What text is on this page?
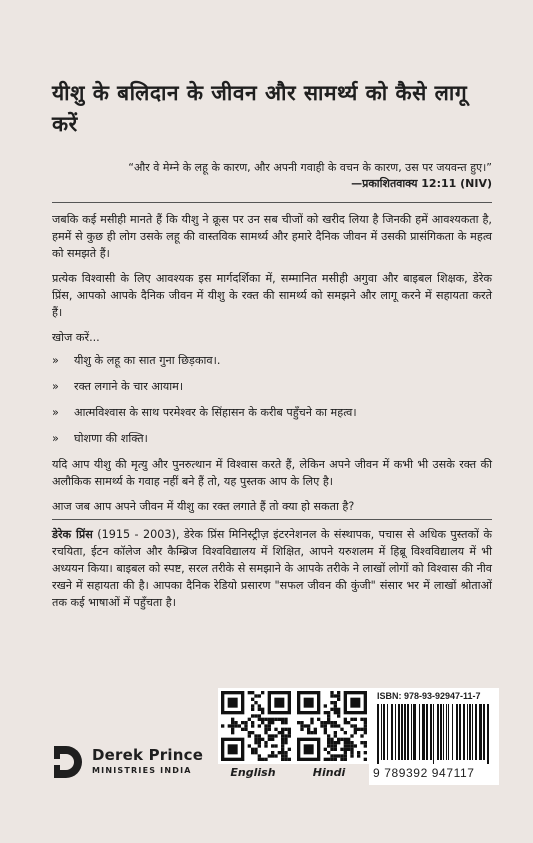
यीशु के बलिदान के जीवन और सामर्थ्य को कैसे लागू करें
“और वे मेम्ने के लहू के कारण, और अपनी गवाही के वचन के कारण, उस पर जयवन्त हुए।”
—प्रकाशितवाक्य 12:11 (NIV)

जबकि कई मसीही मानते हैं कि यीशु ने क्रूस पर उन सब चीजों को खरीद लिया है जिनकी हमें आवश्यकता है, हममें से कुछ ही लोग उसके लहू की वास्तविक सामर्थ्य और हमारे दैनिक जीवन में उसकी प्रासंगिकता के महत्व को समझते हैं।

प्रत्येक विश्वासी के लिए आवश्यक इस मार्गदर्शिका में, सम्मानित मसीही अगुवा और बाइबल शिक्षक, डेरेक प्रिंस, आपको आपके दैनिक जीवन में यीशु के रक्त की सामर्थ्य को समझने और लागू करने में सहायता करते हैं।

खोज करें...

» यीशु के लहू का सात गुना छिड़काव।.
» रक्त लगाने के चार आयाम।
» आत्मविश्वास के साथ परमेश्वर के सिंहासन के करीब पहुँचने का महत्व।
» घोशणा की शक्ति।

यदि आप यीशु की मृत्यु और पुनरुत्थान में विश्वास करते हैं, लेकिन अपने जीवन में कभी भी उसके रक्त की अलौकिक सामर्थ्य के गवाह नहीं बने हैं तो, यह पुस्तक आप के लिए है।

आज जब आप अपने जीवन में यीशु का रक्त लगाते हैं तो क्या हो सकता है?

डेरेक प्रिंस (1915 - 2003), डेरेक प्रिंस मिनिस्ट्रीज़ इंटरनेशनल के संस्थापक, पचास से अधिक पुस्तकों के रचयिता, ईटन कॉलेज और कैम्ब्रिज विश्वविद्यालय में शिक्षित, आपने यरुशलम में हिब्रू विश्वविद्यालय में भी अध्ययन किया। बाइबल को स्पष्ट, सरल तरीके से समझाने के आपके तरीके ने लाखों लोगों को विश्वास की नीव रखने में सहायता की है। आपका दैनिक रेडियो प्रसारण "सफल जीवन की कुंजी" संसार भर में लाखों श्रोताओं तक कई भाषाओं में पहुँचता है।

Derek Prince
MINISTRIES INDIA	English	Hindi
ISBN: 978-93-92947-11-7
9 789392 947117
